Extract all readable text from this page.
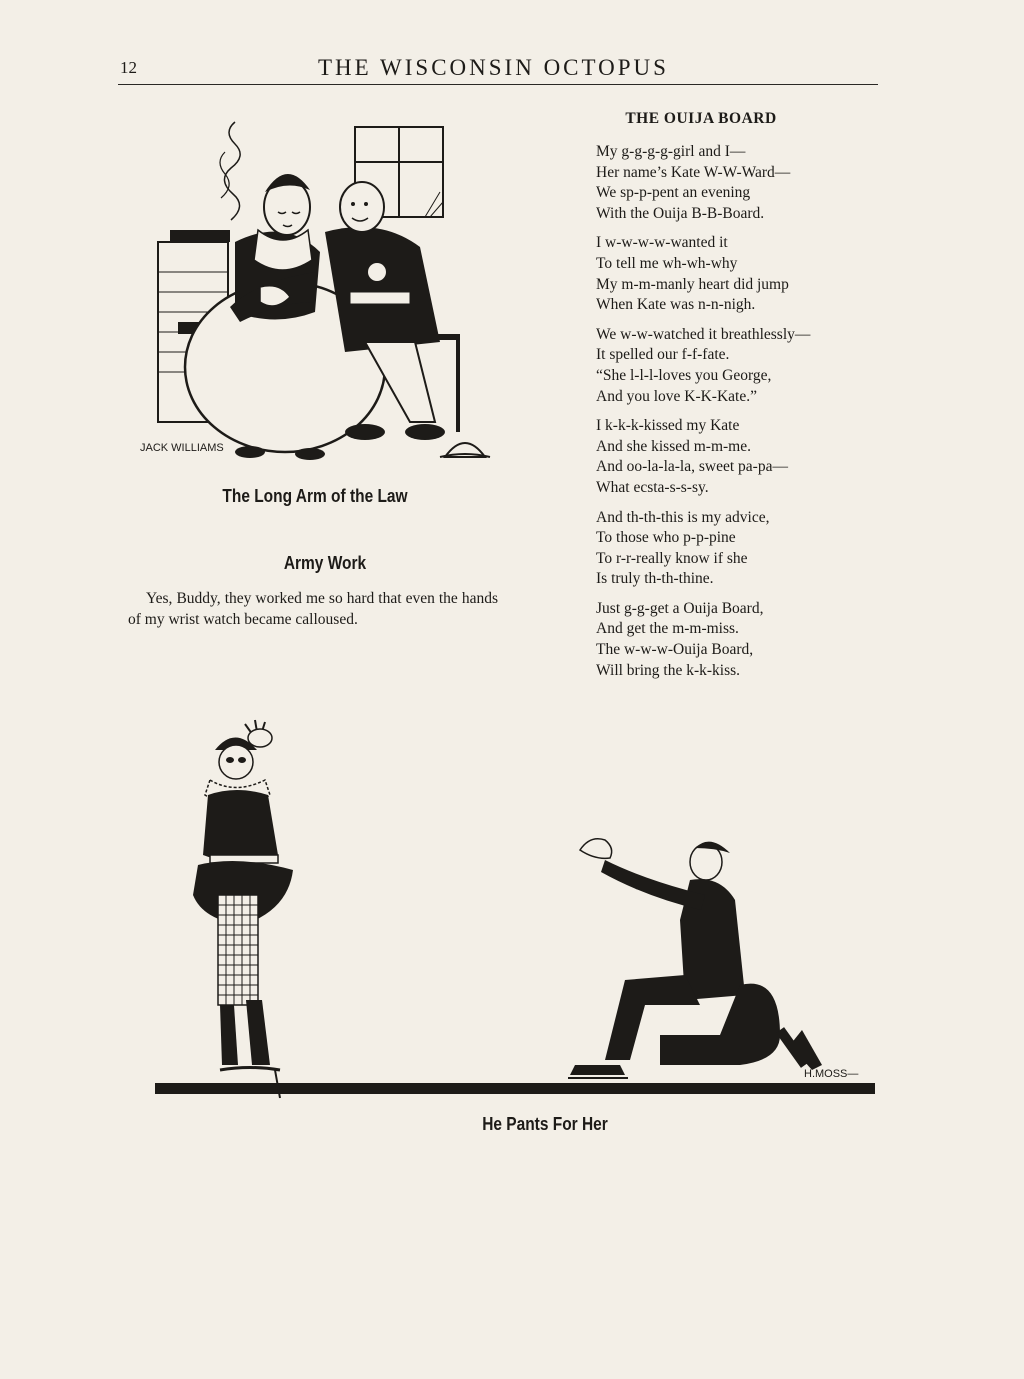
12	THE WISCONSIN OCTOPUS
JACK WILLIAMS
The Long Arm of the Law
Army Work
Yes, Buddy, they worked me so hard that even the hands of my wrist watch became calloused.
THE OUIJA BOARD
My g-g-g-g-girl and I—
Her name’s Kate W-W-Ward—
We sp-p-pent an evening
With the Ouija B-B-Board.
I w-w-w-w-wanted it
To tell me wh-wh-why
My m-m-manly heart did jump
When Kate was n-n-nigh.
We w-w-watched it breathlessly—
It spelled our f-f-fate.
“She l-l-l-loves you George,
And you love K-K-Kate.”
I k-k-k-kissed my Kate
And she kissed m-m-me.
And oo-la-la-la, sweet pa-pa—
What ecsta-s-s-sy.
And th-th-this is my advice,
To those who p-p-pine
To r-r-really know if she
Is truly th-th-thine.
Just g-g-get a Ouija Board,
And get the m-m-miss.
The w-w-w-Ouija Board,
Will bring the k-k-kiss.
H.MOSS—
He Pants For Her
